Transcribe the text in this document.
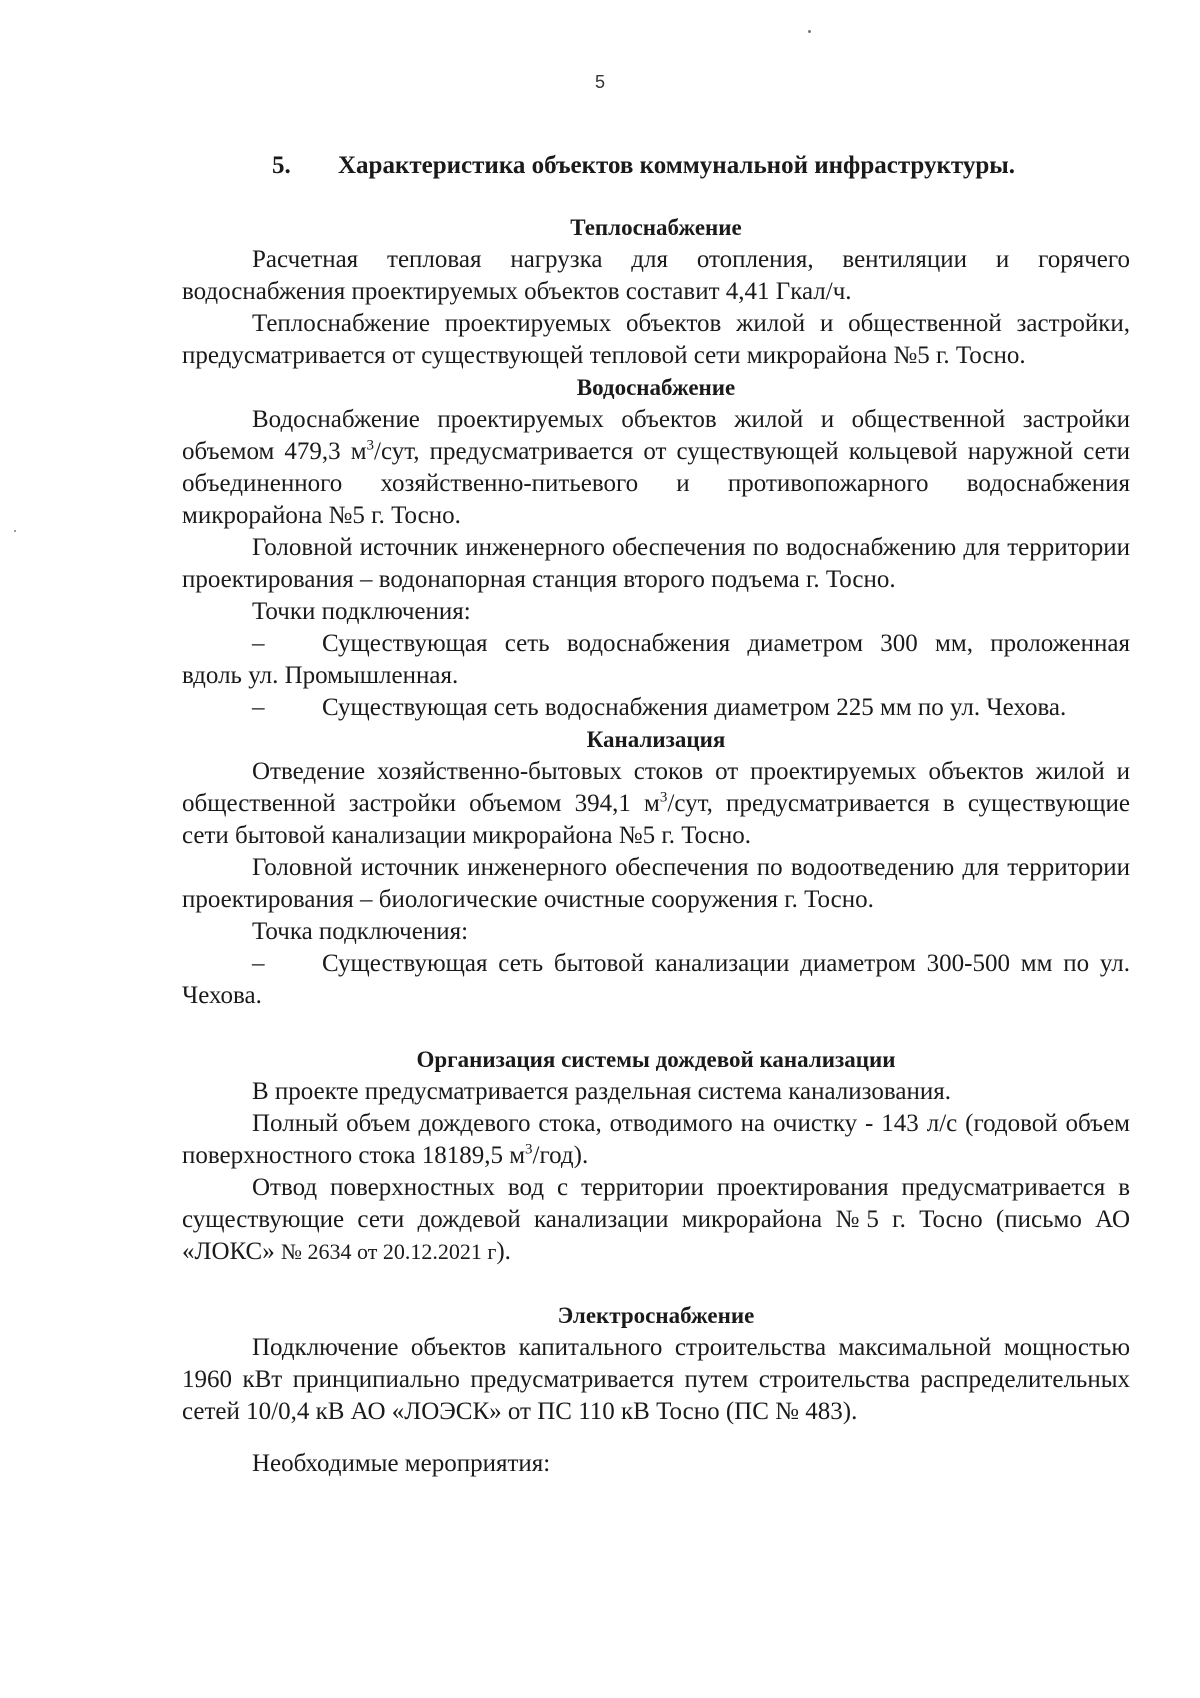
5
5.	Характеристика объектов коммунальной инфраструктуры.
Теплоснабжение

Расчетная тепловая нагрузка для отопления, вентиляции и горячего водоснабжения проектируемых объектов составит 4,41 Гкал/ч.

Теплоснабжение проектируемых объектов жилой и общественной застройки, предусматривается от существующей тепловой сети микрорайона №5 г. Тосно.

Водоснабжение

Водоснабжение проектируемых объектов жилой и общественной застройки объемом 479,3 $м^3$/сут, предусматривается от существующей кольцевой наружной сети объединенного хозяйственно-питьевого и противопожарного водоснабжения микрорайона №5 г. Тосно.

Головной источник инженерного обеспечения по водоснабжению для территории проектирования – водонапорная станция второго подъема г. Тосно.

Точки подключения:

– Существующая сеть водоснабжения диаметром 300 мм, проложенная вдоль ул. Промышленная.

– Существующая сеть водоснабжения диаметром 225 мм по ул. Чехова.

Канализация

Отведение хозяйственно-бытовых стоков от проектируемых объектов жилой и общественной застройки объемом 394,1 $м^3$/сут, предусматривается в существующие сети бытовой канализации микрорайона №5 г. Тосно.

Головной источник инженерного обеспечения по водоотведению для территории проектирования – биологические очистные сооружения г. Тосно.

Точка подключения:

– Существующая сеть бытовой канализации диаметром 300-500 мм по ул. Чехова.

Организация системы дождевой канализации

В проекте предусматривается раздельная система канализования.

Полный объем дождевого стока, отводимого на очистку - 143 л/с (годовой объем поверхностного стока 18189,5 $м^3/год$).

Отвод поверхностных вод с территории проектирования предусматривается в существующие сети дождевой канализации микрорайона №5 г. Тосно (письмо АО «ЛОКС» № 2634 от 20.12.2021 г).

Электроснабжение

Подключение объектов капитального строительства максимальной мощностью 1960 кВт принципиально предусматривается путем строительства распределительных сетей 10/0,4 кВ АО «ЛОЭСК» от ПС 110 кВ Тосно (ПС № 483).

Необходимые мероприятия:
